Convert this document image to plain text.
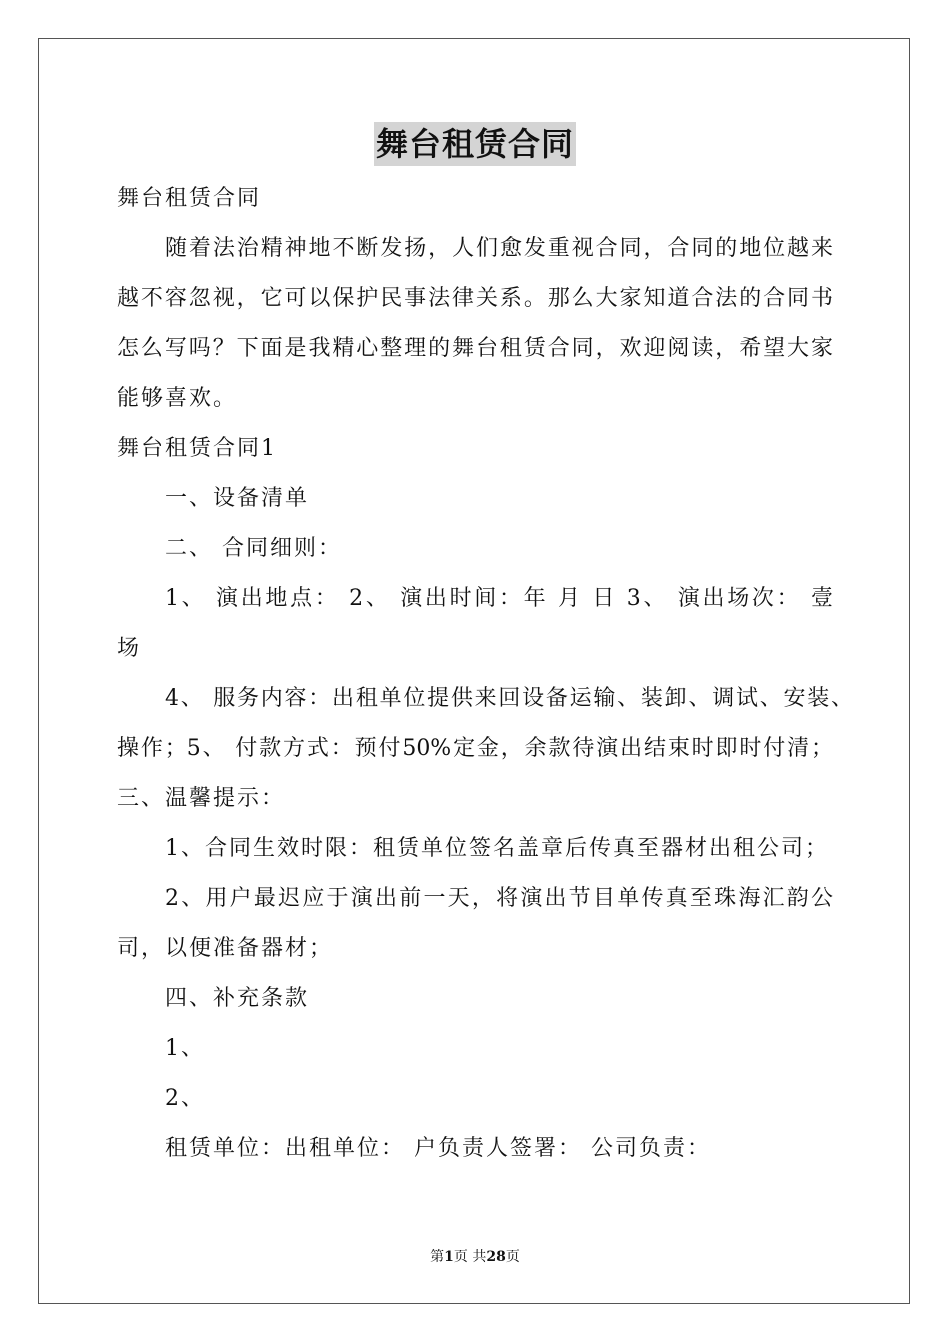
舞台租赁合同
舞台租赁合同
随着法治精神地不断发扬，人们愈发重视合同，合同的地位越来
越不容忽视，它可以保护民事法律关系。那么大家知道合法的合同书
怎么写吗？下面是我精心整理的舞台租赁合同，欢迎阅读，希望大家
能够喜欢。
舞台租赁合同1
一、设备清单
二、 合同细则：
1、 演出地点： 2、 演出时间：年 月 日 3、 演出场次： 壹
场
4、 服务内容：出租单位提供来回设备运输、装卸、调试、安装、
操作；5、 付款方式：预付50%定金，余款待演出结束时即时付清；
三、温馨提示：
1、合同生效时限：租赁单位签名盖章后传真至器材出租公司；
2、用户最迟应于演出前一天，将演出节目单传真至珠海汇韵公
司，以便准备器材；
四、补充条款
1、
2、
租赁单位：出租单位： 户负责人签署： 公司负责：
第1页 共28页
